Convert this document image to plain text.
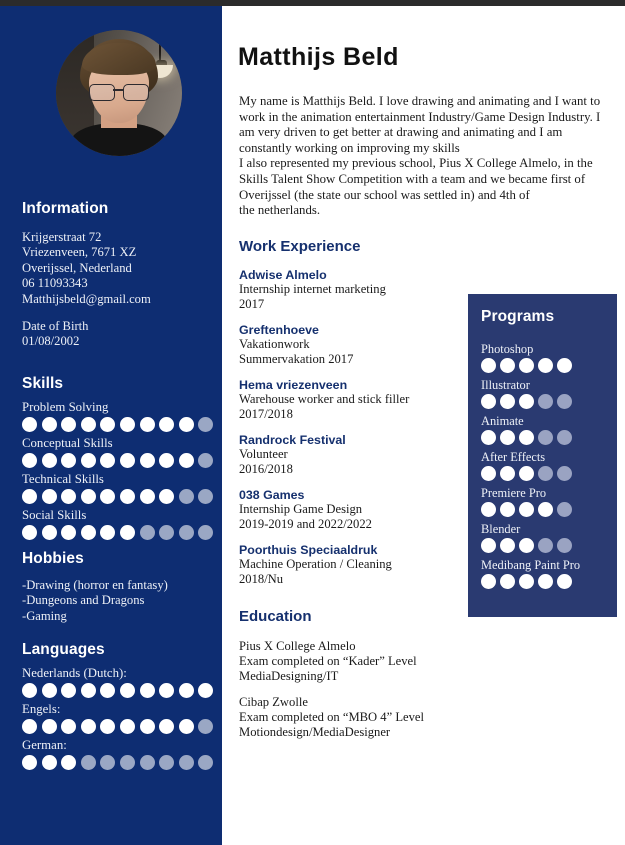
Information
Krijgerstraat 72
Vriezenveen, 7671 XZ
Overijssel, Nederland
06 11093343
Matthijsbeld@gmail.com
Date of Birth
01/08/2002
Skills
Problem Solving
Conceptual Skills
Technical Skills
Social Skills
Hobbies
-Drawing (horror en fantasy)
-Dungeons and Dragons
-Gaming
Languages
Nederlands (Dutch):
Engels:
German:
Matthijs Beld
My name is Matthijs Beld. I love drawing and animating and I want to work in the animation entertainment Industry/Game Design Industry. I am very driven to get better at drawing and animating and I am constantly working on improving my skills
I also represented my previous school, Pius X College Almelo, in the Skills Talent Show Competition with a team and we became first of Overijssel (the state our school was settled in) and 4th of
the netherlands.
Work Experience
Adwise Almelo
Internship internet marketing
2017
Greftenhoeve
Vakationwork
Summervakation 2017
Hema vriezenveen
Warehouse worker and stick filler
2017/2018
Randrock Festival
Volunteer
2016/2018
038 Games
Internship Game Design
2019-2019 and 2022/2022
Poorthuis Speciaaldruk
Machine Operation / Cleaning
2018/Nu
Education
Pius X College Almelo
Exam completed on “Kader” Level
MediaDesigning/IT
Cibap Zwolle
Exam completed on “MBO 4” Level
Motiondesign/MediaDesigner
Programs
Photoshop
Illustrator
Animate
After Effects
Premiere Pro
Blender
Medibang Paint Pro
